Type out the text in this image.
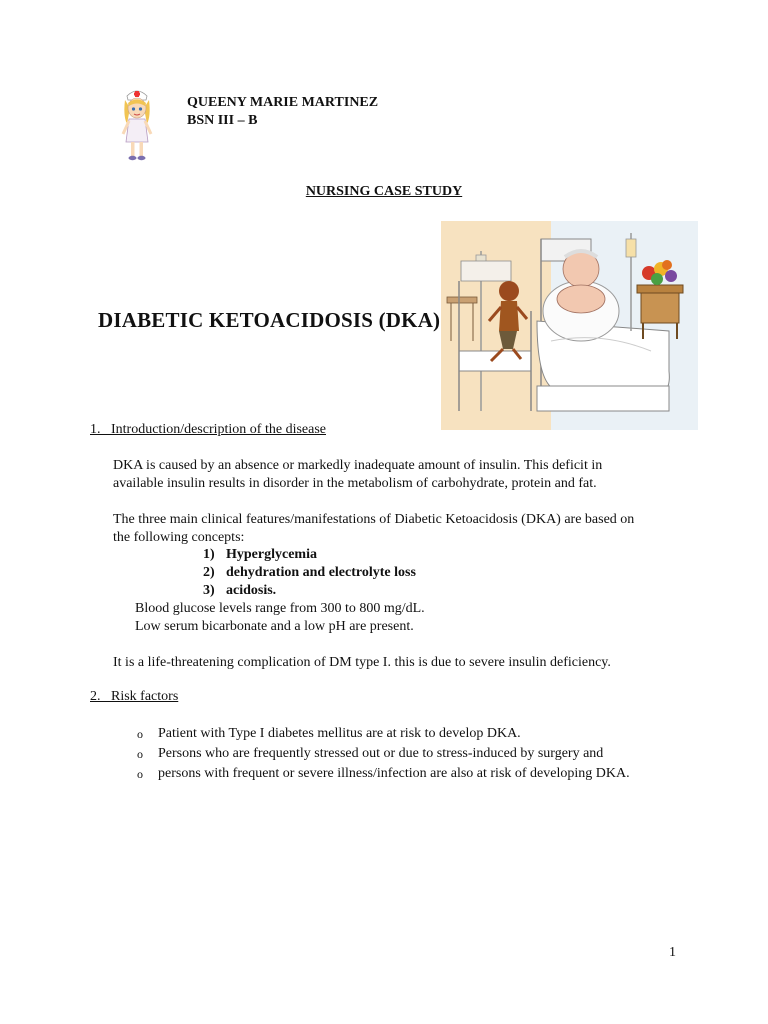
QUEENY MARIE MARTINEZ
BSN III – B
NURSING CASE STUDY
DIABETIC KETOACIDOSIS (DKA)
1. Introduction/description of the disease
DKA is caused by an absence or markedly inadequate amount of insulin. This deficit in
available insulin results in disorder in the metabolism of carbohydrate, protein and fat.
The three main clinical features/manifestations of Diabetic Ketoacidosis (DKA) are based on
the following concepts:
1) Hyperglycemia
2) dehydration and electrolyte loss
3) acidosis.
Blood glucose levels range from 300 to 800 mg/dL.
Low serum bicarbonate and a low pH are present.
It is a life-threatening complication of DM type I. this is due to severe insulin deficiency.
2. Risk factors
o	Patient with Type I diabetes mellitus are at risk to develop DKA.
o	Persons who are frequently stressed out or due to stress-induced by surgery and
o	persons with frequent or severe illness/infection are also at risk of developing DKA.
1
